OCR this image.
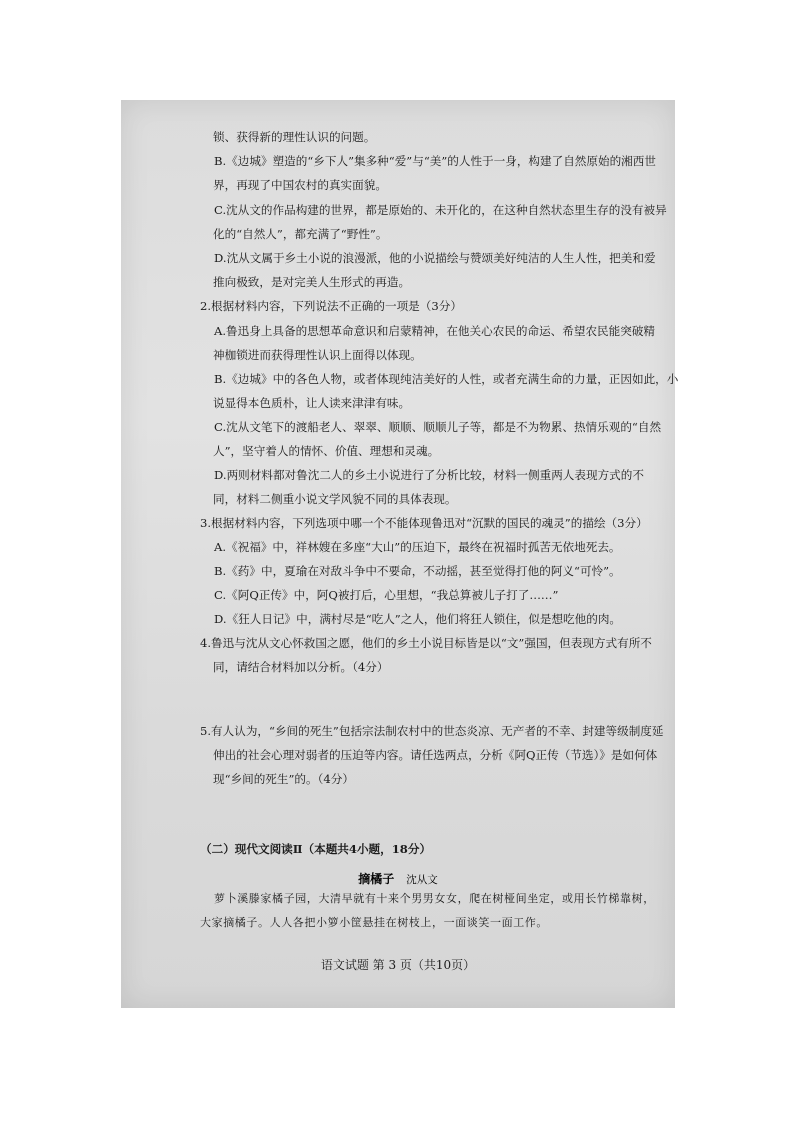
锁、获得新的理性认识的问题。
B.《边城》塑造的“乡下人”集多种“爱”与“美”的人性于一身，构建了自然原始的湘西世
界，再现了中国农村的真实面貌。
C.沈从文的作品构建的世界，都是原始的、未开化的，在这种自然状态里生存的没有被异
化的“自然人”，都充满了“野性”。
D.沈从文属于乡土小说的浪漫派，他的小说描绘与赞颂美好纯洁的人生人性，把美和爱
推向极致，是对完美人生形式的再造。
2.根据材料内容，下列说法不正确的一项是（3分）
A.鲁迅身上具备的思想革命意识和启蒙精神，在他关心农民的命运、希望农民能突破精
神枷锁进而获得理性认识上面得以体现。
B.《边城》中的各色人物，或者体现纯洁美好的人性，或者充满生命的力量，正因如此，小
说显得本色质朴，让人读来津津有味。
C.沈从文笔下的渡船老人、翠翠、顺顺、顺顺儿子等，都是不为物累、热情乐观的“自然
人”，坚守着人的情怀、价值、理想和灵魂。
D.两则材料都对鲁沈二人的乡土小说进行了分析比较，材料一侧重两人表现方式的不
同，材料二侧重小说文学风貌不同的具体表现。
3.根据材料内容，下列选项中哪一个不能体现鲁迅对“沉默的国民的魂灵”的描绘（3分）
A.《祝福》中，祥林嫂在多座“大山”的压迫下，最终在祝福时孤苦无依地死去。
B.《药》中，夏瑜在对敌斗争中不要命，不动摇，甚至觉得打他的阿义“可怜”。
C.《阿Q正传》中，阿Q被打后，心里想，“我总算被儿子打了……”
D.《狂人日记》中，满村尽是“吃人”之人，他们将狂人锁住，似是想吃他的肉。
4.鲁迅与沈从文心怀救国之愿，他们的乡土小说目标皆是以“文”强国，但表现方式有所不
同，请结合材料加以分析。（4分）
5.有人认为，“乡间的死生”包括宗法制农村中的世态炎凉、无产者的不幸、封建等级制度延
伸出的社会心理对弱者的压迫等内容。请任选两点，分析《阿Q正传（节选）》是如何体
现“乡间的死生”的。（4分）
（二）现代文阅读Ⅱ（本题共4小题，18分）
摘橘子 沈从文
萝卜溪滕家橘子园，大清早就有十来个男男女女，爬在树桠间坐定，或用长竹梯靠树，
大家摘橘子。人人各把小箩小筐悬挂在树枝上，一面谈笑一面工作。
语文试题 第 3 页（共10页）
